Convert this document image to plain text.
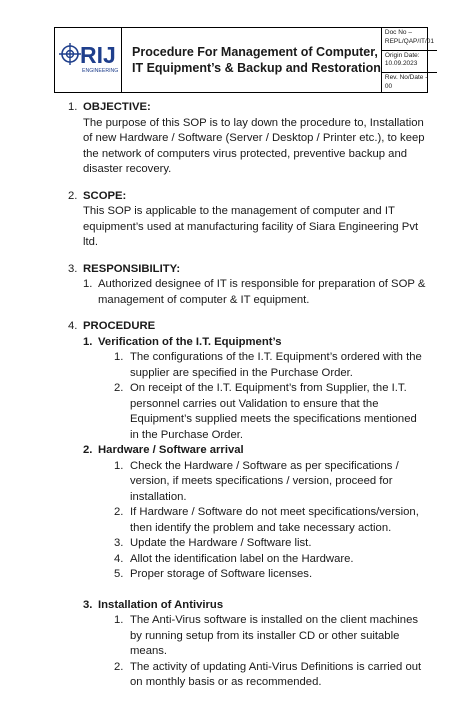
RIJ
ENGINEERING
Procedure For Management of Computer,
IT Equipment’s & Backup and Restoration
Doc No –
REPL/QAP/IT/01
Origin Date:
10.09.2023
Rev. No/Date - 00
1. OBJECTIVE:
The purpose of this SOP is to lay down the procedure to, Installation of new Hardware / Software (Server / Desktop / Printer etc.), to keep the network of computers virus protected, preventive backup and disaster recovery.
2. SCOPE:
This SOP is applicable to the management of computer and IT equipment’s used at manufacturing facility of Siara Engineering Pvt ltd.
3. RESPONSIBILITY:
1. Authorized designee of IT is responsible for preparation of SOP & management of computer & IT equipment.
4. PROCEDURE
1. Verification of the I.T. Equipment’s
1. The configurations of the I.T. Equipment’s ordered with the supplier are specified in the Purchase Order.
2. On receipt of the I.T. Equipment’s from Supplier, the I.T. personnel carries out Validation to ensure that the Equipment’s supplied meets the specifications mentioned in the Purchase Order.
2. Hardware / Software arrival
1. Check the Hardware / Software as per specifications / version, if meets specifications / version, proceed for installation.
2. If Hardware / Software do not meet specifications/version, then identify the problem and take necessary action.
3. Update the Hardware / Software list.
4. Allot the identification label on the Hardware.
5. Proper storage of Software licenses.
3. Installation of Antivirus
1. The Anti-Virus software is installed on the client machines by running setup from its installer CD or other suitable means.
2. The activity of updating Anti-Virus Definitions is carried out on monthly basis or as recommended.
